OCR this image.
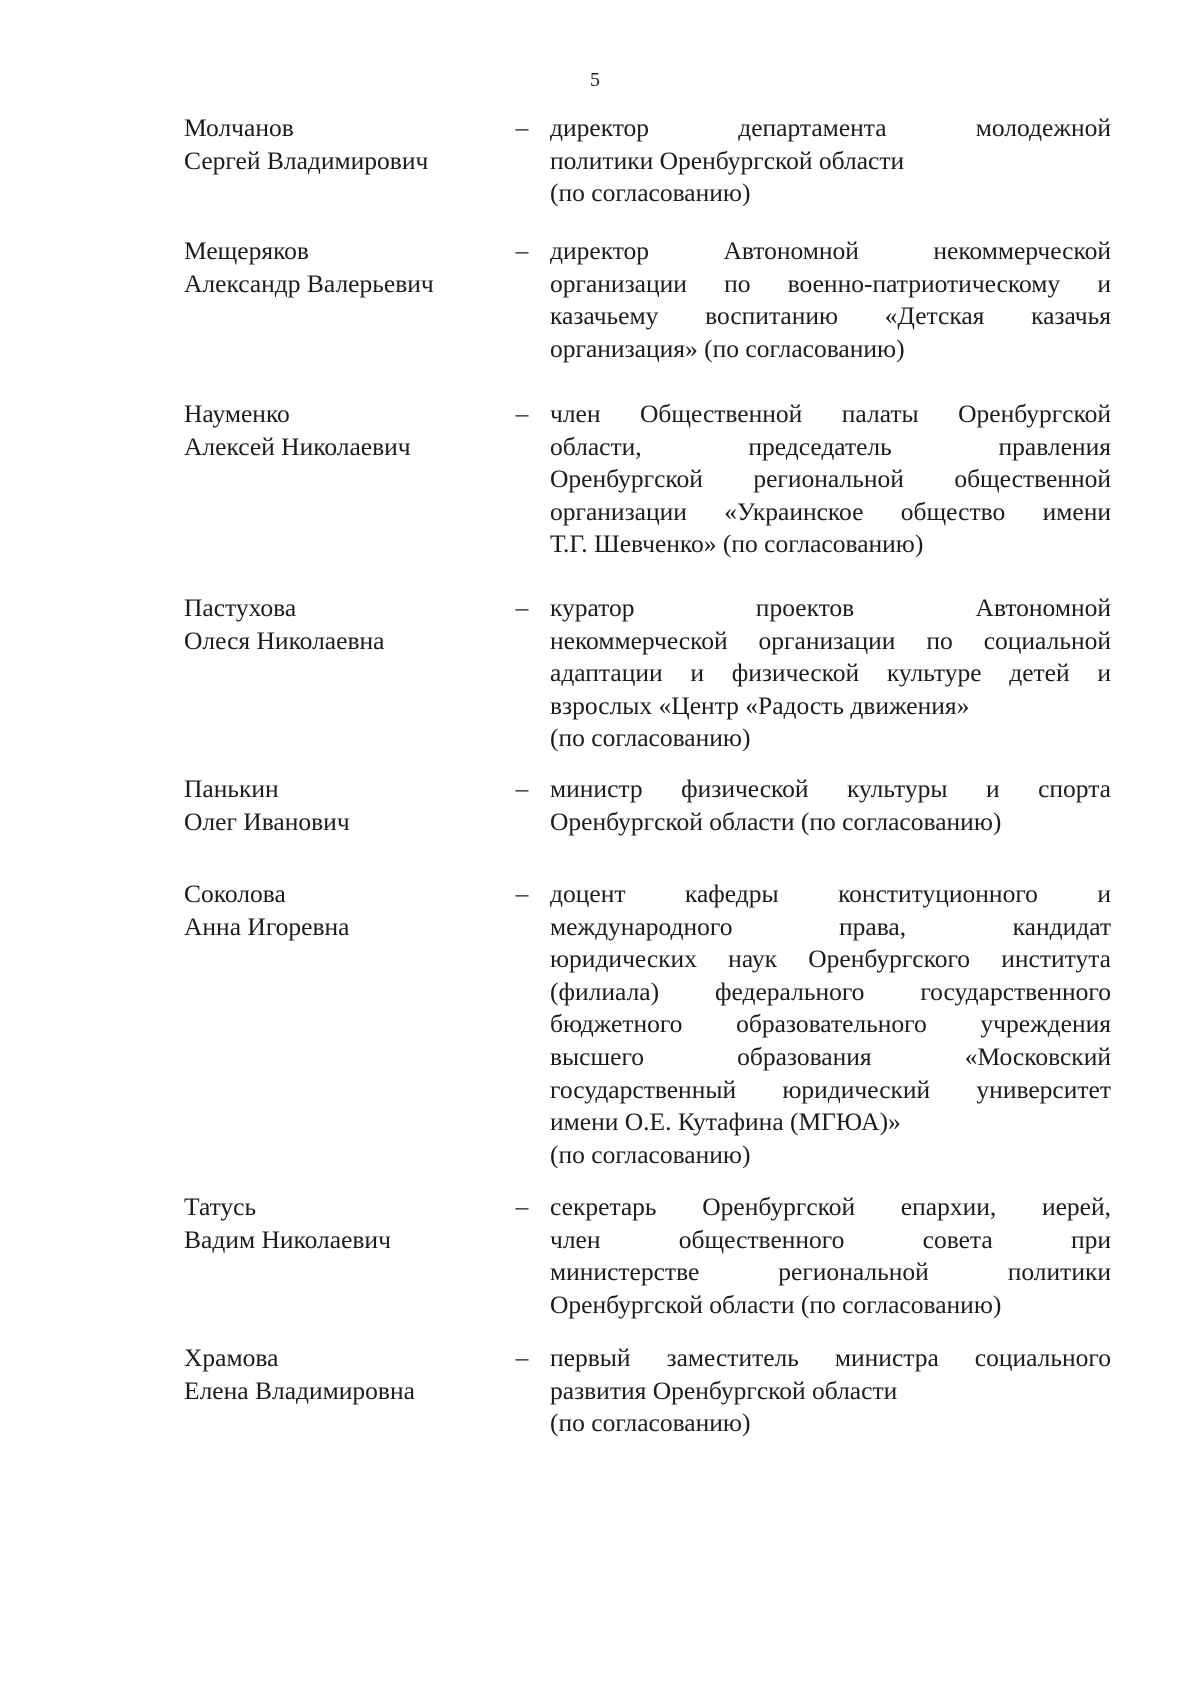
5
Молчанов
Сергей Владимирович
– директор департамента молодежной
политики Оренбургской области
(по согласованию)
Мещеряков
Александр Валерьевич
– директор Автономной некоммерческой
организации по военно-патриотическому и
казачьему воспитанию «Детская казачья
организация» (по согласованию)
Науменко
Алексей Николаевич
– член Общественной палаты Оренбургской
области, председатель правления
Оренбургской региональной общественной
организации «Украинское общество имени
Т.Г. Шевченко» (по согласованию)
Пастухова
Олеся Николаевна
– куратор проектов Автономной
некоммерческой организации по социальной
адаптации и физической культуре детей и
взрослых «Центр «Радость движения»
(по согласованию)
Панькин
Олег Иванович
– министр физической культуры и спорта
Оренбургской области (по согласованию)
Соколова
Анна Игоревна
– доцент кафедры конституционного и
международного права, кандидат
юридических наук Оренбургского института
(филиала) федерального государственного
бюджетного образовательного учреждения
высшего образования «Московский
государственный юридический университет
имени О.Е. Кутафина (МГЮА)»
(по согласованию)
Татусь
Вадим Николаевич
– секретарь Оренбургской епархии, иерей,
член общественного совета при
министерстве региональной политики
Оренбургской области (по согласованию)
Храмова
Елена Владимировна
– первый заместитель министра социального
развития Оренбургской области
(по согласованию)
